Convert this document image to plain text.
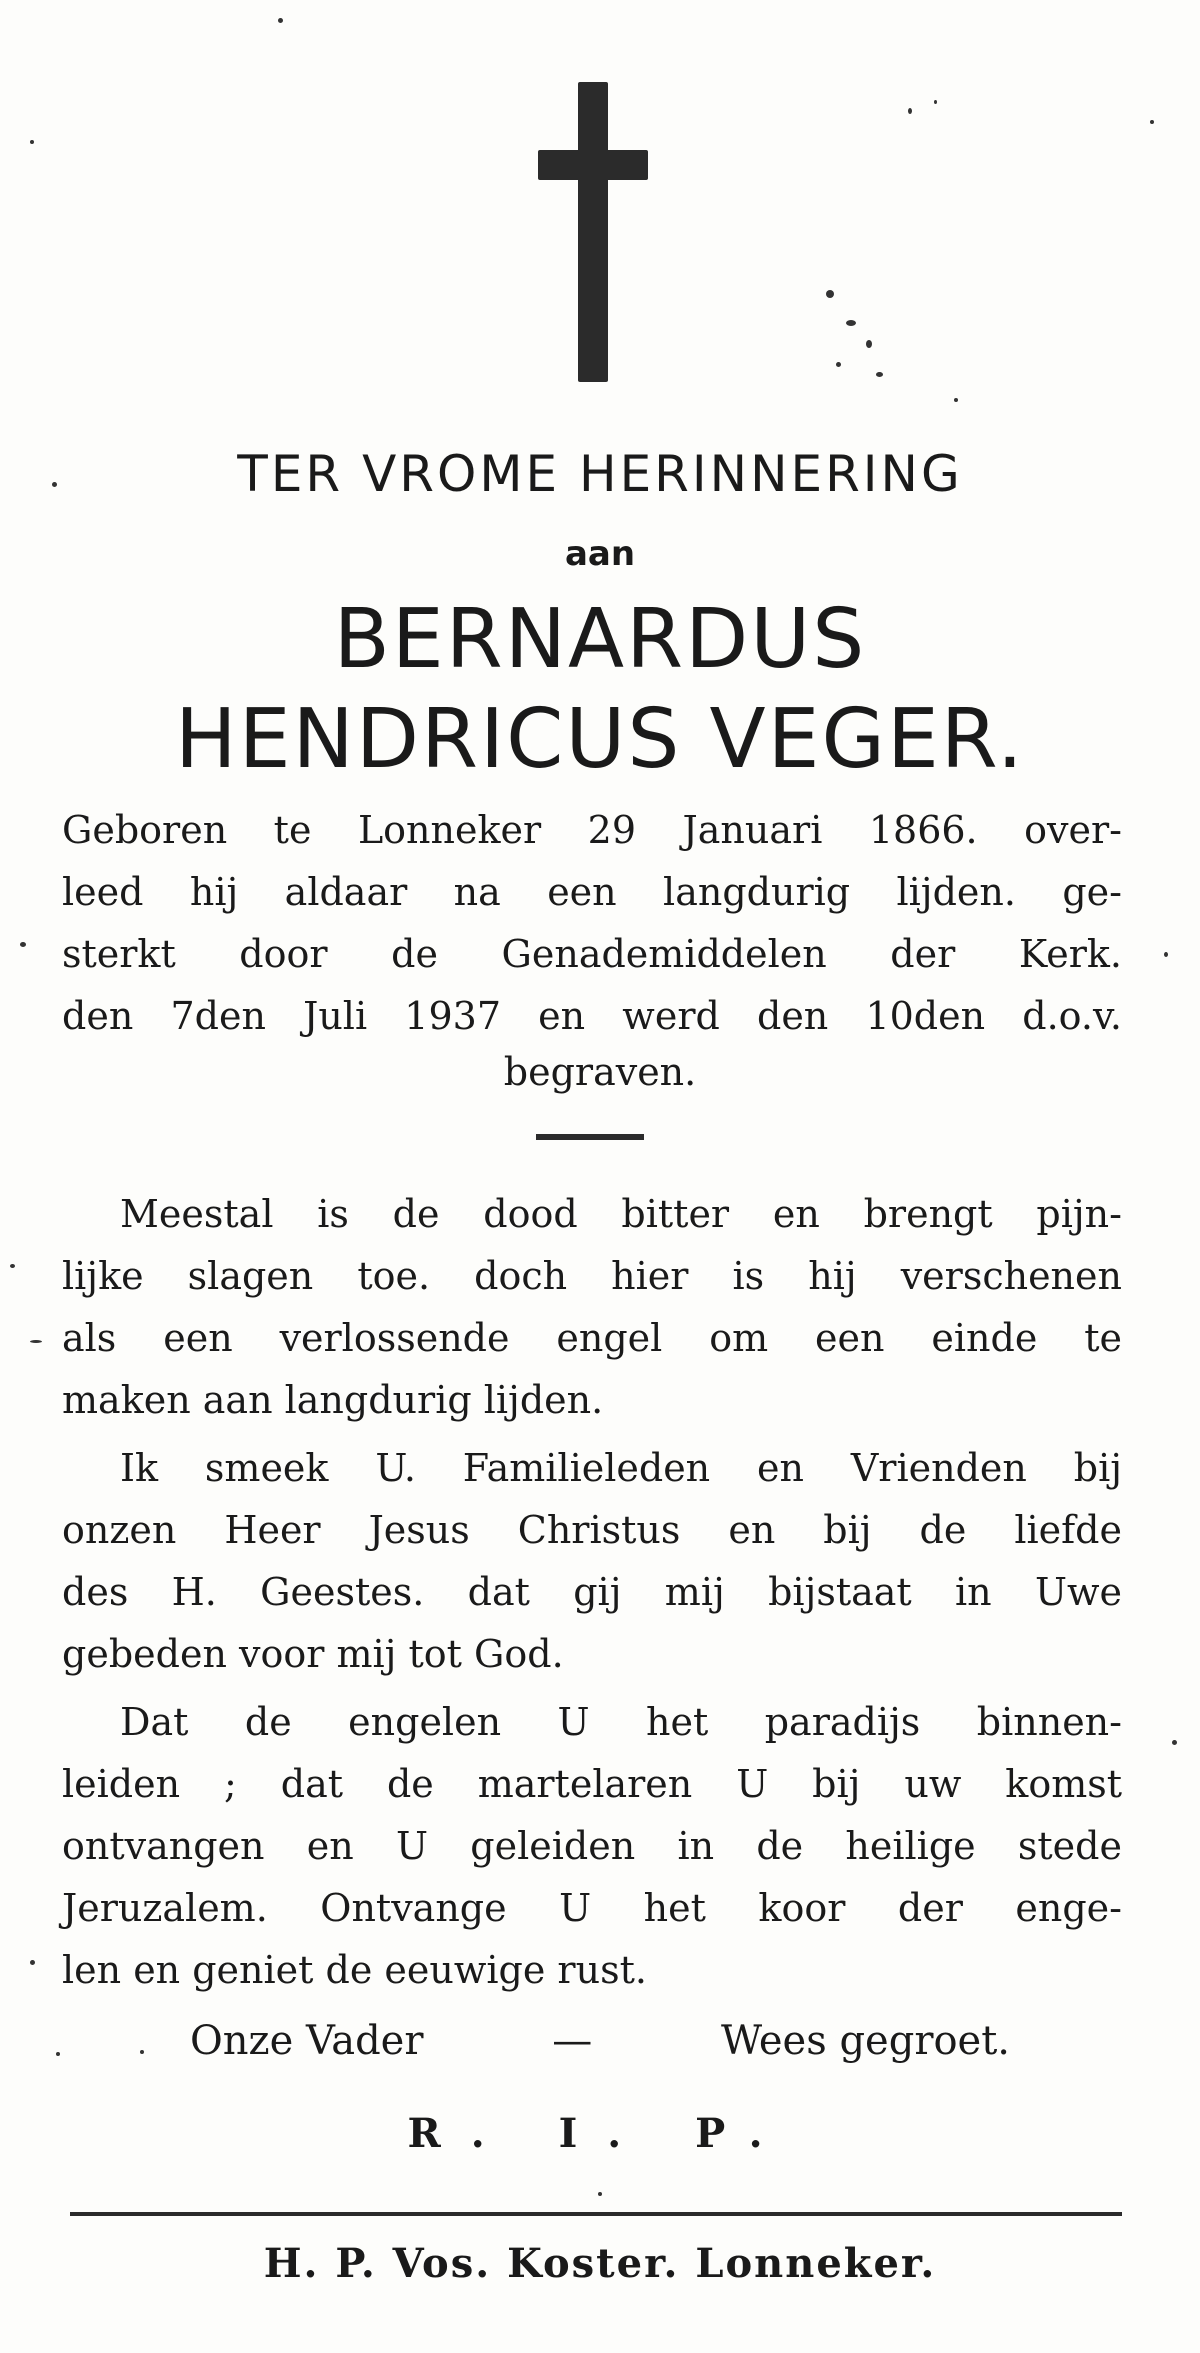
TER VROME HERINNERING
aan
BERNARDUS
HENDRICUS VEGER.
Geboren te Lonneker 29 Januari 1866. over-
leed hij aldaar na een langdurig lijden. ge-
sterkt door de Genademiddelen der Kerk.
den 7den Juli 1937 en werd den 10den d.o.v.
begraven.
Meestal is de dood bitter en brengt pijn-
lijke slagen toe. doch hier is hij verschenen
als een verlossende engel om een einde te
maken aan langdurig lijden.
Ik smeek U. Familieleden en Vrienden bij
onzen Heer Jesus Christus en bij de liefde
des H. Geestes. dat gij mij bijstaat in Uwe
gebeden voor mij tot God.
Dat de engelen U het paradijs binnen-
leiden ; dat de martelaren U bij uw komst
ontvangen en U geleiden in de heilige stede
Jeruzalem. Ontvange U het koor der enge-
len en geniet de eeuwige rust.
Onze Vader	—	Wees gegroet.
R. I. P.
H. P. Vos. Koster. Lonneker.
